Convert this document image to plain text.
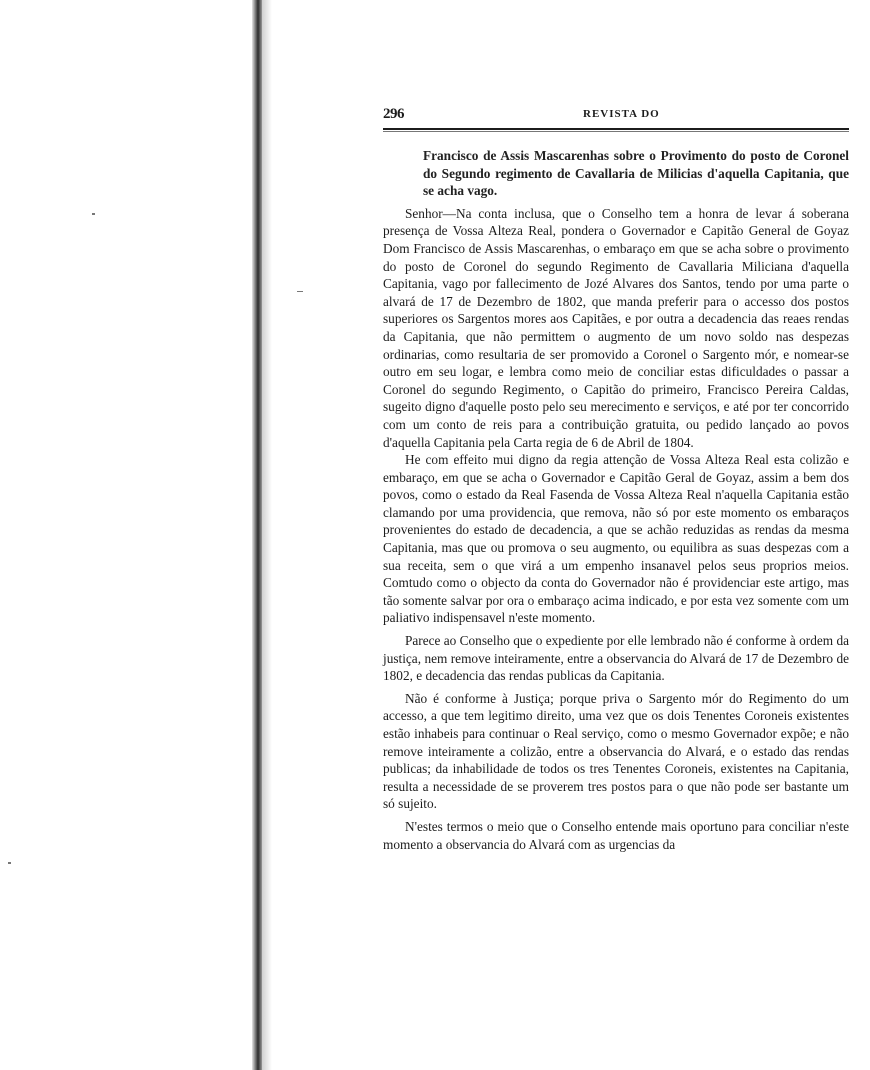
296	REVISTA DO

Francisco de Assis Mascarenhas sobre o Provimento do posto de Coronel do Segundo regimento de Cavallaria de Milicias d'aquella Capitania, que se acha vago.

Senhor—Na conta inclusa, que o Conselho tem a honra de levar á soberana presença de Vossa Alteza Real, pondera o Governador e Capitão General de Goyaz Dom Francisco de Assis Mascarenhas, o embaraço em que se acha sobre o provimento do posto de Coronel do segundo Regimento de Cavallaria Miliciana d'aquella Capitania, vago por fallecimento de Jozé Alvares dos Santos, tendo por uma parte o alvará de 17 de Dezembro de 1802, que manda preferir para o accesso dos postos superiores os Sargentos mores aos Capitães, e por outra a decadencia das reaes rendas da Capitania, que não permittem o augmento de um novo soldo nas despezas ordinarias, como resultaria de ser promovido a Coronel o Sargento mór, e nomear-se outro em seu logar, e lembra como meio de conciliar estas dificuldades o passar a Coronel do segundo Regimento, o Capitão do primeiro, Francisco Pereira Caldas, sugeito digno d'aquelle posto pelo seu merecimento e serviços, e até por ter concorrido com um conto de reis para a contribuição gratuita, ou pedido lançado ao povos d'aquella Capitania pela Carta regia de 6 de Abril de 1804.

He com effeito mui digno da regia attenção de Vossa Alteza Real esta colizão e embaraço, em que se acha o Governador e Capitão Geral de Goyaz, assim a bem dos povos, como o estado da Real Fasenda de Vossa Alteza Real n'aquella Capitania estão clamando por uma providencia, que remova, não só por este momento os embaraços provenientes do estado de decadencia, a que se achão reduzidas as rendas da mesma Capitania, mas que ou promova o seu augmento, ou equilibra as suas despezas com a sua receita, sem o que virá a um empenho insanavel pelos seus proprios meios. Comtudo como o objecto da conta do Governador não é providenciar este artigo, mas tão somente salvar por ora o embaraço acima indicado, e por esta vez somente com um paliativo indispensavel n'este momento.

Parece ao Conselho que o expediente por elle lembrado não é conforme à ordem da justiça, nem remove inteiramente, entre a observancia do Alvará de 17 de Dezembro de 1802, e decadencia das rendas publicas da Capitania.

Não é conforme à Justiça; porque priva o Sargento mór do Regimento do um accesso, a que tem legitimo direito, uma vez que os dois Tenentes Coroneis existentes estão inhabeis para continuar o Real serviço, como o mesmo Governador expõe; e não remove inteiramente a colizão, entre a observancia do Alvará, e o estado das rendas publicas; da inhabilidade de todos os tres Tenentes Coroneis, existentes na Capitania, resulta a necessidade de se proverem tres postos para o que não pode ser bastante um só sujeito.

N'estes termos o meio que o Conselho entende mais oportuno para conciliar n'este momento a observancia do Alvará com as urgencias da
